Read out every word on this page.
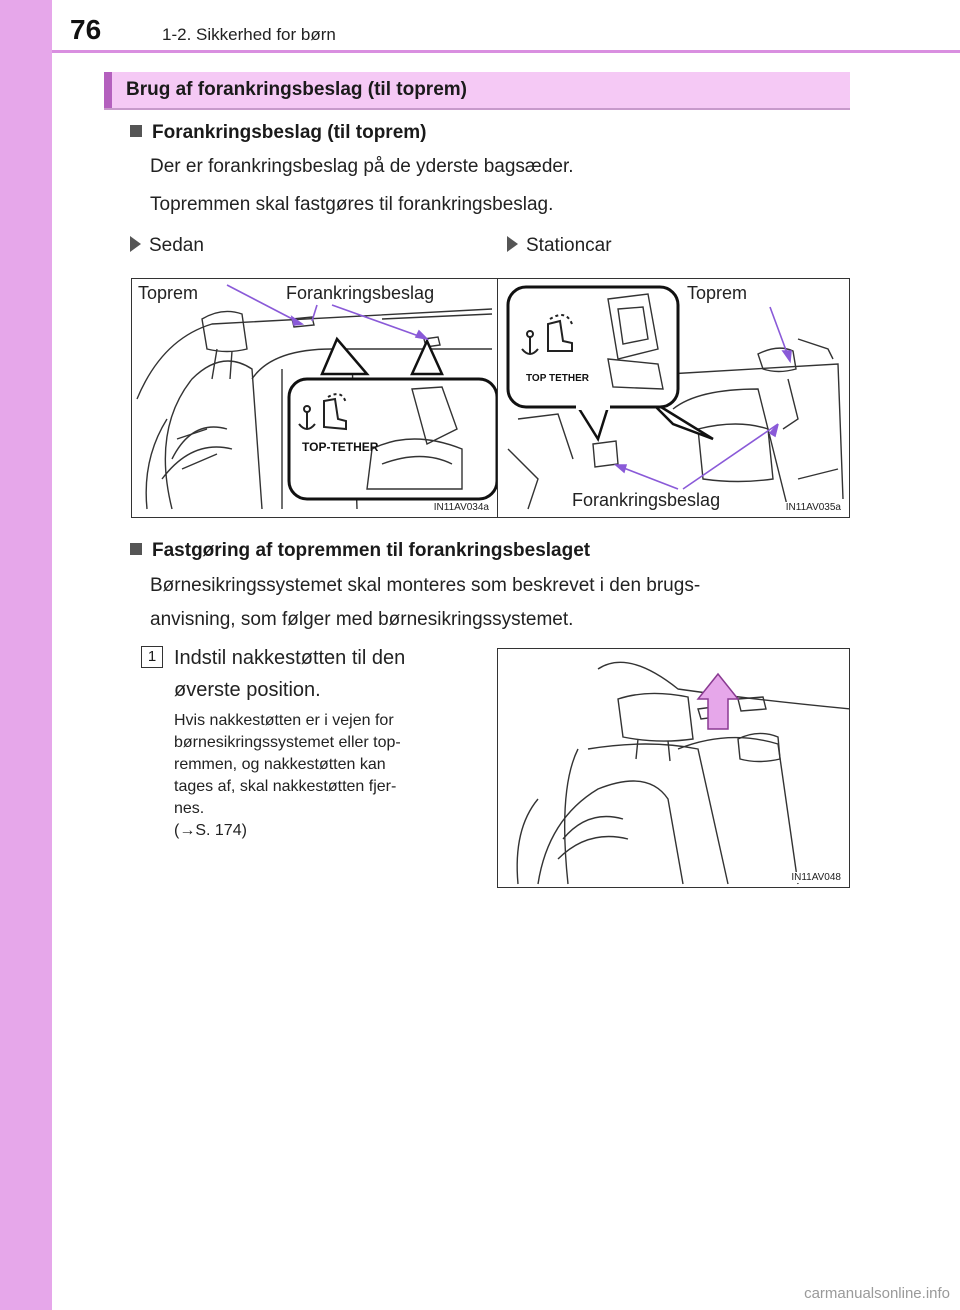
76	1-2. Sikkerhed for børn
Brug af forankringsbeslag (til toprem)
Forankringsbeslag (til toprem)
Der er forankringsbeslag på de yderste bagsæder.
Topremmen skal fastgøres til forankringsbeslag.
Sedan	Stationcar
TOP-TETHER
Toprem	Forankringsbeslag
IN11AV034a
TOP TETHER
Toprem
Forankringsbeslag	IN11AV035a
Fastgøring af topremmen til forankringsbeslaget
Børnesikringssystemet skal monteres som beskrevet i den brugs-
anvisning, som følger med børnesikringssystemet.
1 Indstil nakkestøtten til den
øverste position.
Hvis nakkestøtten er i vejen for
børnesikringssystemet eller top-
remmen, og nakkestøtten kan
tages af, skal nakkestøtten fjer-
nes.
(→S. 174)
IN11AV048
carmanualsonline.info
